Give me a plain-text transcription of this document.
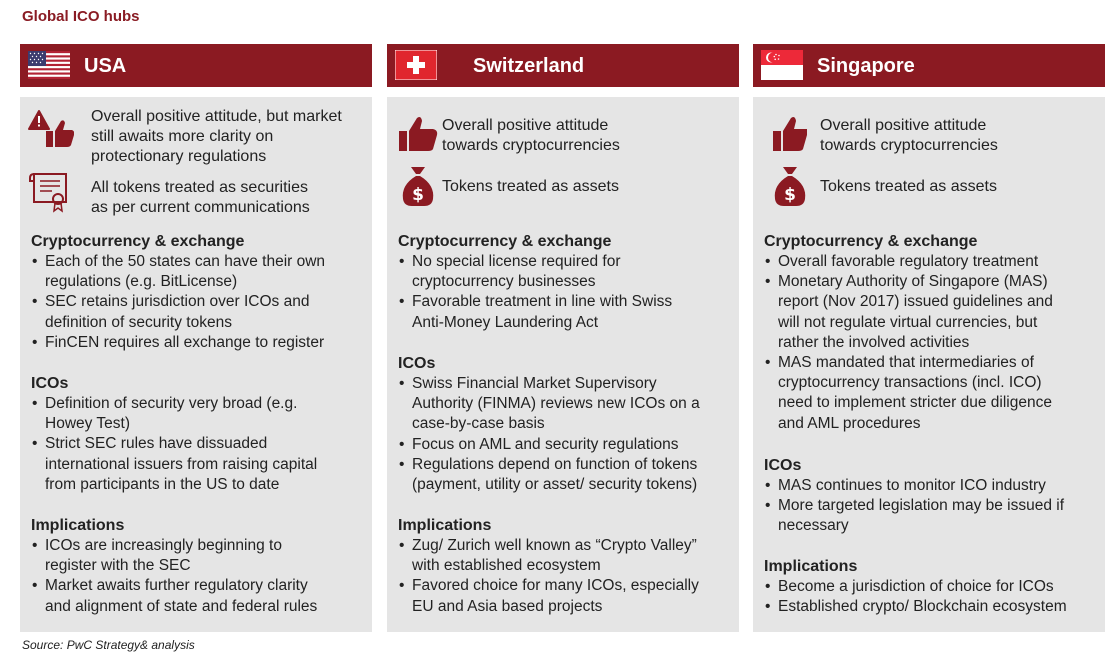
Global ICO hubs
USA
Overall positive attitude, but market
still awaits more clarity on
protectionary regulations
All tokens treated as securities
as per current communications
Cryptocurrency & exchange
• Each of the 50 states can have their own
regulations (e.g. BitLicense)
• SEC retains jurisdiction over ICOs and
definition of security tokens
• FinCEN requires all exchange to register
ICOs
• Definition of security very broad (e.g.
Howey Test)
• Strict SEC rules have dissuaded
international issuers from raising capital
from participants in the US to date
Implications
• ICOs are increasingly beginning to
register with the SEC
• Market awaits further regulatory clarity
and alignment of state and federal rules
Switzerland
Overall positive attitude
towards cryptocurrencies
$ Tokens treated as assets
Cryptocurrency & exchange
• No special license required for
cryptocurrency businesses
• Favorable treatment in line with Swiss
Anti-Money Laundering Act
ICOs
• Swiss Financial Market Supervisory
Authority (FINMA) reviews new ICOs on a
case-by-case basis
• Focus on AML and security regulations
• Regulations depend on function of tokens
(payment, utility or asset/ security tokens)
Implications
• Zug/ Zurich well known as “Crypto Valley”
with established ecosystem
• Favored choice for many ICOs, especially
EU and Asia based projects
Singapore
Overall positive attitude
towards cryptocurrencies
$ Tokens treated as assets
Cryptocurrency & exchange
• Overall favorable regulatory treatment
• Monetary Authority of Singapore (MAS)
report (Nov 2017) issued guidelines and
will not regulate virtual currencies, but
rather the involved activities
• MAS mandated that intermediaries of
cryptocurrency transactions (incl. ICO)
need to implement stricter due diligence
and AML procedures
ICOs
• MAS continues to monitor ICO industry
• More targeted legislation may be issued if
necessary
Implications
• Become a jurisdiction of choice for ICOs
• Established crypto/ Blockchain ecosystem
Source: PwC Strategy& analysis
